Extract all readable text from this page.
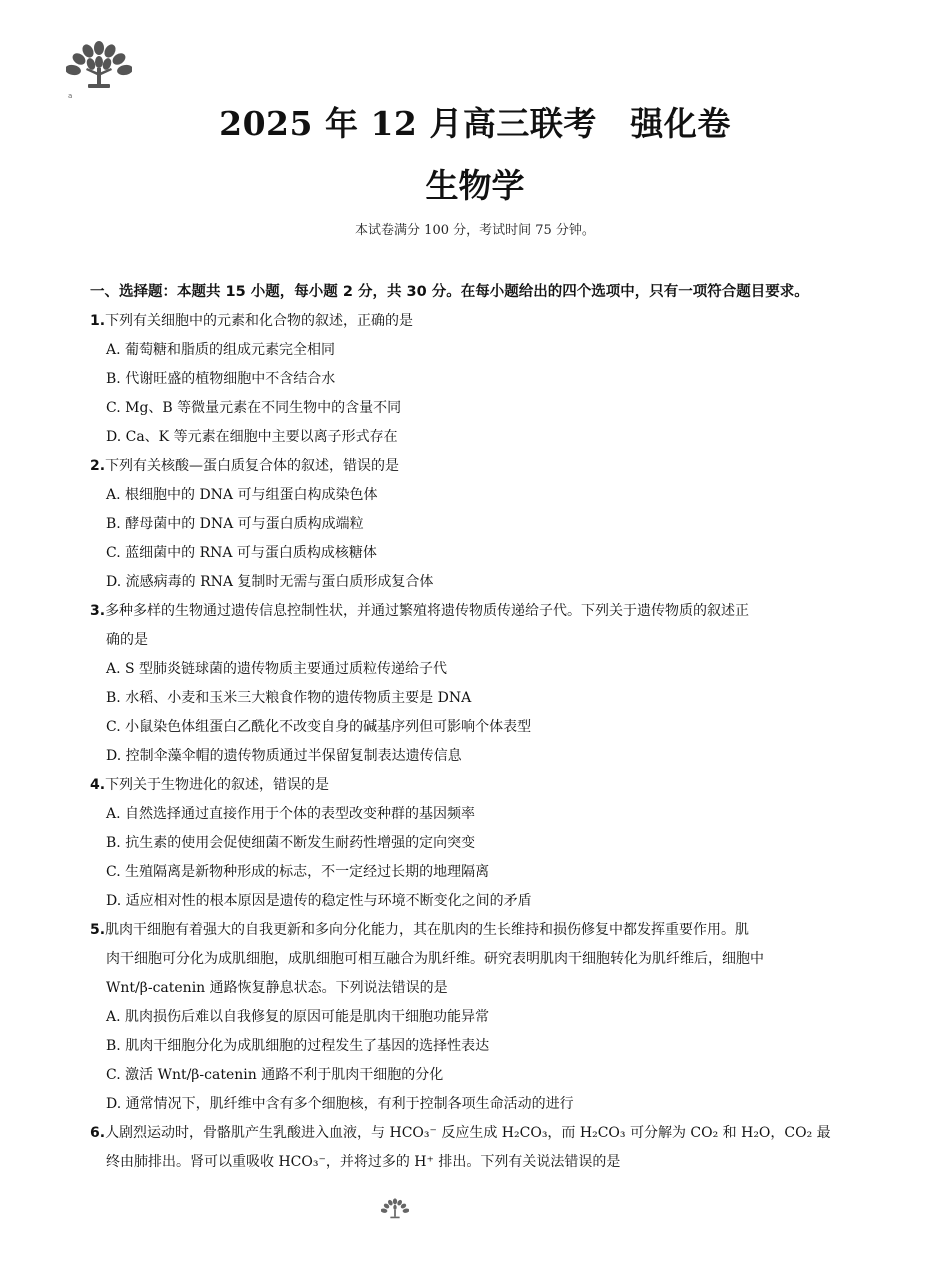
a
2025 年 12 月高三联考　强化卷
生物学
本试卷满分 100 分，考试时间 75 分钟。
一、选择题：本题共 15 小题，每小题 2 分，共 30 分。在每小题给出的四个选项中，只有一项符合题目要求。
1.下列有关细胞中的元素和化合物的叙述，正确的是
A. 葡萄糖和脂质的组成元素完全相同
B. 代谢旺盛的植物细胞中不含结合水
C. Mg、B 等微量元素在不同生物中的含量不同
D. Ca、K 等元素在细胞中主要以离子形式存在
2.下列有关核酸—蛋白质复合体的叙述，错误的是
A. 根细胞中的 DNA 可与组蛋白构成染色体
B. 酵母菌中的 DNA 可与蛋白质构成端粒
C. 蓝细菌中的 RNA 可与蛋白质构成核糖体
D. 流感病毒的 RNA 复制时无需与蛋白质形成复合体
3.多种多样的生物通过遗传信息控制性状，并通过繁殖将遗传物质传递给子代。下列关于遗传物质的叙述正
确的是
A. S 型肺炎链球菌的遗传物质主要通过质粒传递给子代
B. 水稻、小麦和玉米三大粮食作物的遗传物质主要是 DNA
C. 小鼠染色体组蛋白乙酰化不改变自身的碱基序列但可影响个体表型
D. 控制伞藻伞帽的遗传物质通过半保留复制表达遗传信息
4.下列关于生物进化的叙述，错误的是
A. 自然选择通过直接作用于个体的表型改变种群的基因频率
B. 抗生素的使用会促使细菌不断发生耐药性增强的定向突变
C. 生殖隔离是新物种形成的标志，不一定经过长期的地理隔离
D. 适应相对性的根本原因是遗传的稳定性与环境不断变化之间的矛盾
5.肌肉干细胞有着强大的自我更新和多向分化能力，其在肌肉的生长维持和损伤修复中都发挥重要作用。肌
肉干细胞可分化为成肌细胞，成肌细胞可相互融合为肌纤维。研究表明肌肉干细胞转化为肌纤维后，细胞中
Wnt/β-catenin 通路恢复静息状态。下列说法错误的是
A. 肌肉损伤后难以自我修复的原因可能是肌肉干细胞功能异常
B. 肌肉干细胞分化为成肌细胞的过程发生了基因的选择性表达
C. 激活 Wnt/β-catenin 通路不利于肌肉干细胞的分化
D. 通常情况下，肌纤维中含有多个细胞核，有利于控制各项生命活动的进行
6.人剧烈运动时，骨骼肌产生乳酸进入血液，与 HCO₃⁻ 反应生成 H₂CO₃，而 H₂CO₃ 可分解为 CO₂ 和 H₂O，CO₂ 最
终由肺排出。肾可以重吸收 HCO₃⁻，并将过多的 H⁺ 排出。下列有关说法错误的是
